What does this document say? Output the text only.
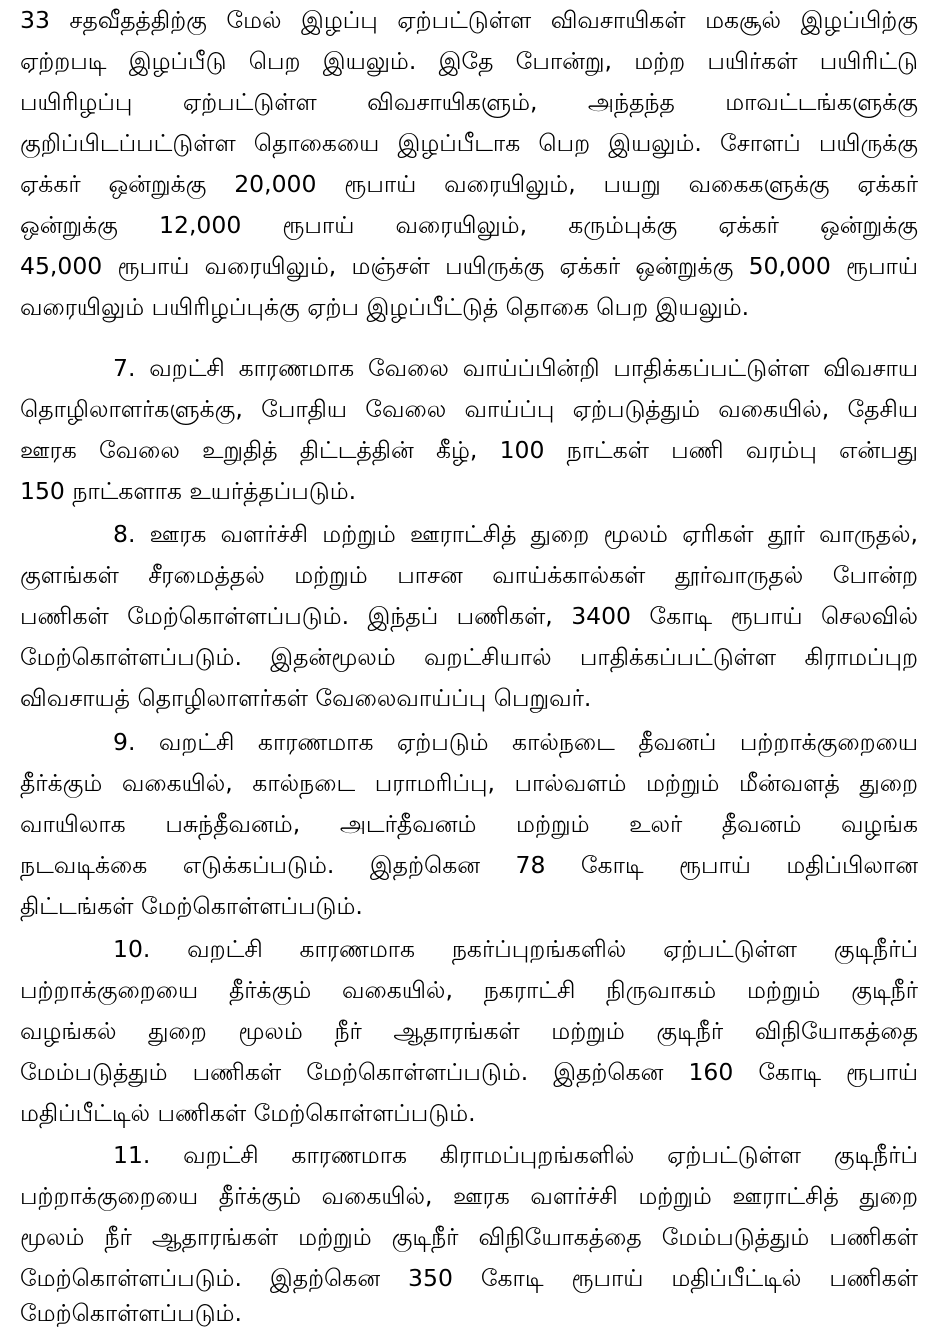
33 சதவீதத்திற்கு மேல் இழப்பு ஏற்பட்டுள்ள விவசாயிகள் மகசூல் இழப்பிற்கு
ஏற்றபடி இழப்பீடு பெற இயலும். இதே போன்று, மற்ற பயிர்கள் பயிரிட்டு
பயிரிழப்பு ஏற்பட்டுள்ள விவசாயிகளும், அந்தந்த மாவட்டங்களுக்கு
குறிப்பிடப்பட்டுள்ள தொகையை இழப்பீடாக பெற இயலும். சோளப் பயிருக்கு
ஏக்கர் ஒன்றுக்கு 20,000 ரூபாய் வரையிலும், பயறு வகைகளுக்கு ஏக்கர்
ஒன்றுக்கு 12,000 ரூபாய் வரையிலும், கரும்புக்கு ஏக்கர் ஒன்றுக்கு
45,000 ரூபாய் வரையிலும், மஞ்சள் பயிருக்கு ஏக்கர் ஒன்றுக்கு 50,000 ரூபாய்
வரையிலும் பயிரிழப்புக்கு ஏற்ப இழப்பீட்டுத் தொகை பெற இயலும்.
7. வறட்சி காரணமாக வேலை வாய்ப்பின்றி பாதிக்கப்பட்டுள்ள விவசாய
தொழிலாளர்களுக்கு, போதிய வேலை வாய்ப்பு ஏற்படுத்தும் வகையில், தேசிய
ஊரக வேலை உறுதித் திட்டத்தின் கீழ், 100 நாட்கள் பணி வரம்பு என்பது
150 நாட்களாக உயர்த்தப்படும்.
8. ஊரக வளர்ச்சி மற்றும் ஊராட்சித் துறை மூலம் ஏரிகள் தூர் வாருதல்,
குளங்கள் சீரமைத்தல் மற்றும் பாசன வாய்க்கால்கள் தூர்வாருதல் போன்ற
பணிகள் மேற்கொள்ளப்படும். இந்தப் பணிகள், 3400 கோடி ரூபாய் செலவில்
மேற்கொள்ளப்படும். இதன்மூலம் வறட்சியால் பாதிக்கப்பட்டுள்ள கிராமப்புற
விவசாயத் தொழிலாளர்கள் வேலைவாய்ப்பு பெறுவர்.
9. வறட்சி காரணமாக ஏற்படும் கால்நடை தீவனப் பற்றாக்குறையை
தீர்க்கும் வகையில், கால்நடை பராமரிப்பு, பால்வளம் மற்றும் மீன்வளத் துறை
வாயிலாக பசுந்தீவனம், அடர்தீவனம் மற்றும் உலர் தீவனம் வழங்க
நடவடிக்கை எடுக்கப்படும். இதற்கென 78 கோடி ரூபாய் மதிப்பிலான
திட்டங்கள் மேற்கொள்ளப்படும்.
10. வறட்சி காரணமாக நகர்ப்புறங்களில் ஏற்பட்டுள்ள குடிநீர்ப்
பற்றாக்குறையை தீர்க்கும் வகையில், நகராட்சி நிருவாகம் மற்றும் குடிநீர்
வழங்கல் துறை மூலம் நீர் ஆதாரங்கள் மற்றும் குடிநீர் விநியோகத்தை
மேம்படுத்தும் பணிகள் மேற்கொள்ளப்படும். இதற்கென 160 கோடி ரூபாய்
மதிப்பீட்டில் பணிகள் மேற்கொள்ளப்படும்.
11. வறட்சி காரணமாக கிராமப்புறங்களில் ஏற்பட்டுள்ள குடிநீர்ப்
பற்றாக்குறையை தீர்க்கும் வகையில், ஊரக வளர்ச்சி மற்றும் ஊராட்சித் துறை
மூலம் நீர் ஆதாரங்கள் மற்றும் குடிநீர் விநியோகத்தை மேம்படுத்தும் பணிகள்
மேற்கொள்ளப்படும். இதற்கென 350 கோடி ரூபாய் மதிப்பீட்டில் பணிகள்
மேற்கொள்ளப்படும்.
